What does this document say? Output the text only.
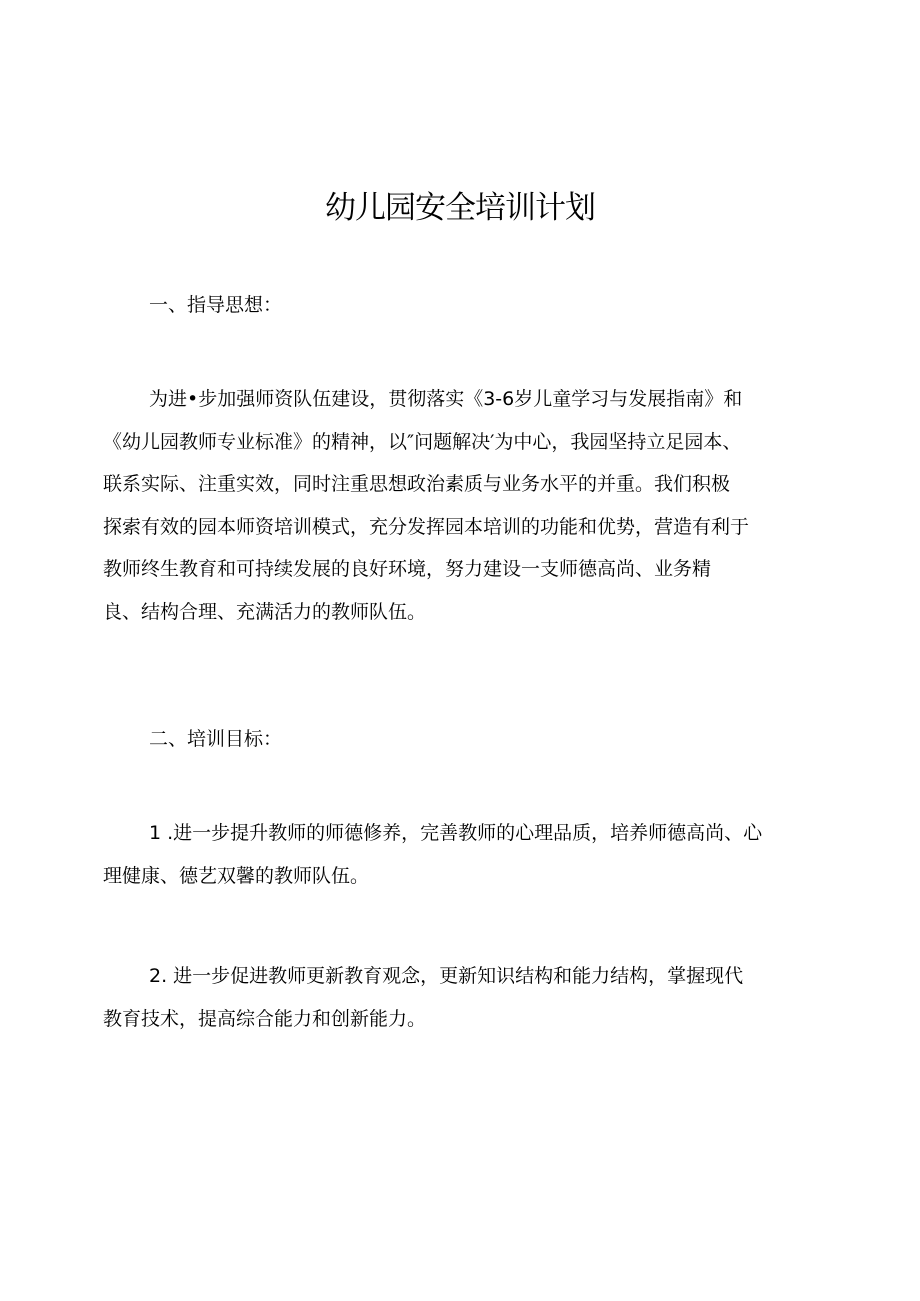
幼儿园安全培训计划
一、指导思想：

为进•步加强师资队伍建设，贯彻落实《3-6岁儿童学习与发展指南》和
《幼儿园教师专业标准》的精神，以″问题解决′为中心，我园坚持立足园本、
联系实际、注重实效，同时注重思想政治素质与业务水平的并重。我们积极
探索有效的园本师资培训模式，充分发挥园本培训的功能和优势，营造有利于
教师终生教育和可持续发展的良好环境，努力建设一支师德高尚、业务精
良、结构合理、充满活力的教师队伍。

二、培训目标：

1 .进一步提升教师的师德修养，完善教师的心理品质，培养师德高尚、心
理健康、德艺双馨的教师队伍。

2. 进一步促进教师更新教育观念，更新知识结构和能力结构，掌握现代
教育技术，提高综合能力和创新能力。
